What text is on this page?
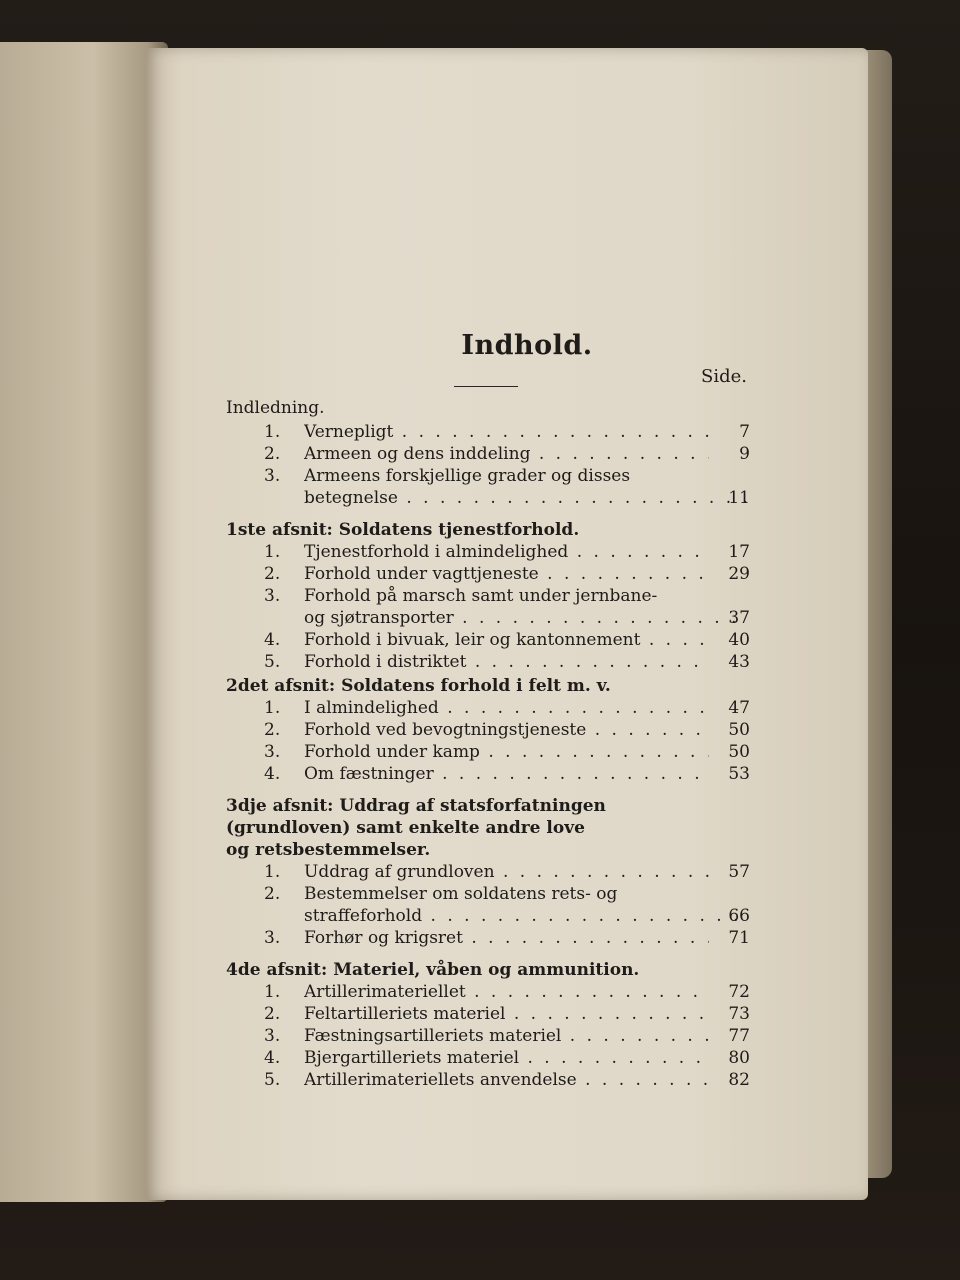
Indhold.
Side.
Indledning.
1. Vernepligt . . .	7
2. Armeen og dens inddeling . . .	9
3. Armeens forskjellige grader og disses
betegnelse . . .	11
1ste afsnit: Soldatens tjenestforhold.
1. Tjenestforhold i almindelighed . . .	17
2. Forhold under vagttjeneste . . .	29
3. Forhold på marsch samt under jernbane-
og sjøtransporter . . .	37
4. Forhold i bivuak, leir og kantonnement . . .	40
5. Forhold i distriktet . . .	43
2det afsnit: Soldatens forhold i felt m. v.
1. I almindelighed . . .	47
2. Forhold ved bevogtningstjeneste . . .	50
3. Forhold under kamp . . .	50
4. Om fæstninger . . .	53
3dje afsnit: Uddrag af statsforfatningen
(grundloven) samt enkelte andre love
og retsbestemmelser.
1. Uddrag af grundloven . . .	57
2. Bestemmelser om soldatens rets- og
straffeforhold . . .	66
3. Forhør og krigsret . . .	71
4de afsnit: Materiel, våben og ammunition.
1. Artillerimateriellet . . .	72
2. Feltartilleriets materiel . . .	73
3. Fæstningsartilleriets materiel . . .	77
4. Bjergartilleriets materiel . . .	80
5. Artillerimateriellets anvendelse . . .	82
